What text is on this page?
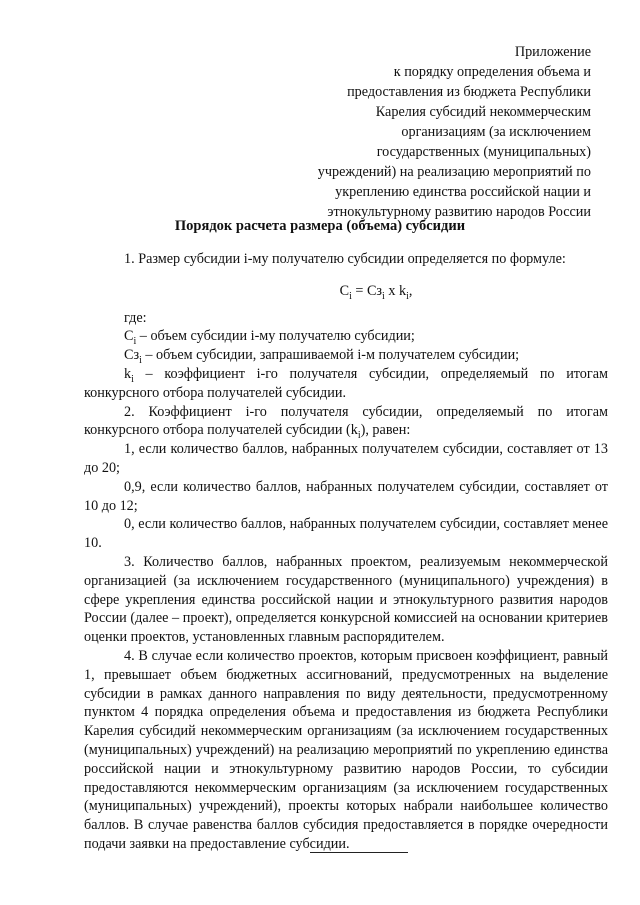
Приложение
к порядку определения объема и
предоставления из бюджета Республики
Карелия субсидий некоммерческим
организациям (за исключением
государственных (муниципальных)
учреждений) на реализацию мероприятий по
укреплению единства российской нации и
этнокультурному развитию народов России
Порядок расчета размера (объема) субсидии

1. Размер субсидии i-му получателю субсидии определяется по формуле:

$C_i = Сз_i$ x $k_i$,

где:

$C_i$ – объем субсидии i-му получателю субсидии;

$Сз_i$ – объем субсидии, запрашиваемой i-м получателем субсидии;

$k_i$ – коэффициент i-го получателя субсидии, определяемый по итогам конкурсного отбора получателей субсидии.

2. Коэффициент i-го получателя субсидии, определяемый по итогам конкурсного отбора получателей субсидии $(k_i)$, равен:

1, если количество баллов, набранных получателем субсидии, составляет от 13 до 20;

0,9, если количество баллов, набранных получателем субсидии, составляет от 10 до 12;

0, если количество баллов, набранных получателем субсидии, составляет менее 10.

3. Количество баллов, набранных проектом, реализуемым некоммерческой организацией (за исключением государственного (муниципального) учреждения) в сфере укрепления единства российской нации и этнокультурного развития народов России (далее – проект), определяется конкурсной комиссией на основании критериев оценки проектов, установленных главным распорядителем.

4. В случае если количество проектов, которым присвоен коэффициент, равный 1, превышает объем бюджетных ассигнований, предусмотренных на выделение субсидии в рамках данного направления по виду деятельности, предусмотренному пунктом 4 порядка определения объема и предоставления из бюджета Республики Карелия субсидий некоммерческим организациям (за исключением государственных (муниципальных) учреждений) на реализацию мероприятий по укреплению единства российской нации и этнокультурному развитию народов России, то субсидии предоставляются некоммерческим организациям (за исключением государственных (муниципальных) учреждений), проекты которых набрали наибольшее количество баллов. В случае равенства баллов субсидия предоставляется в порядке очередности подачи заявки на предоставление субсидии.
